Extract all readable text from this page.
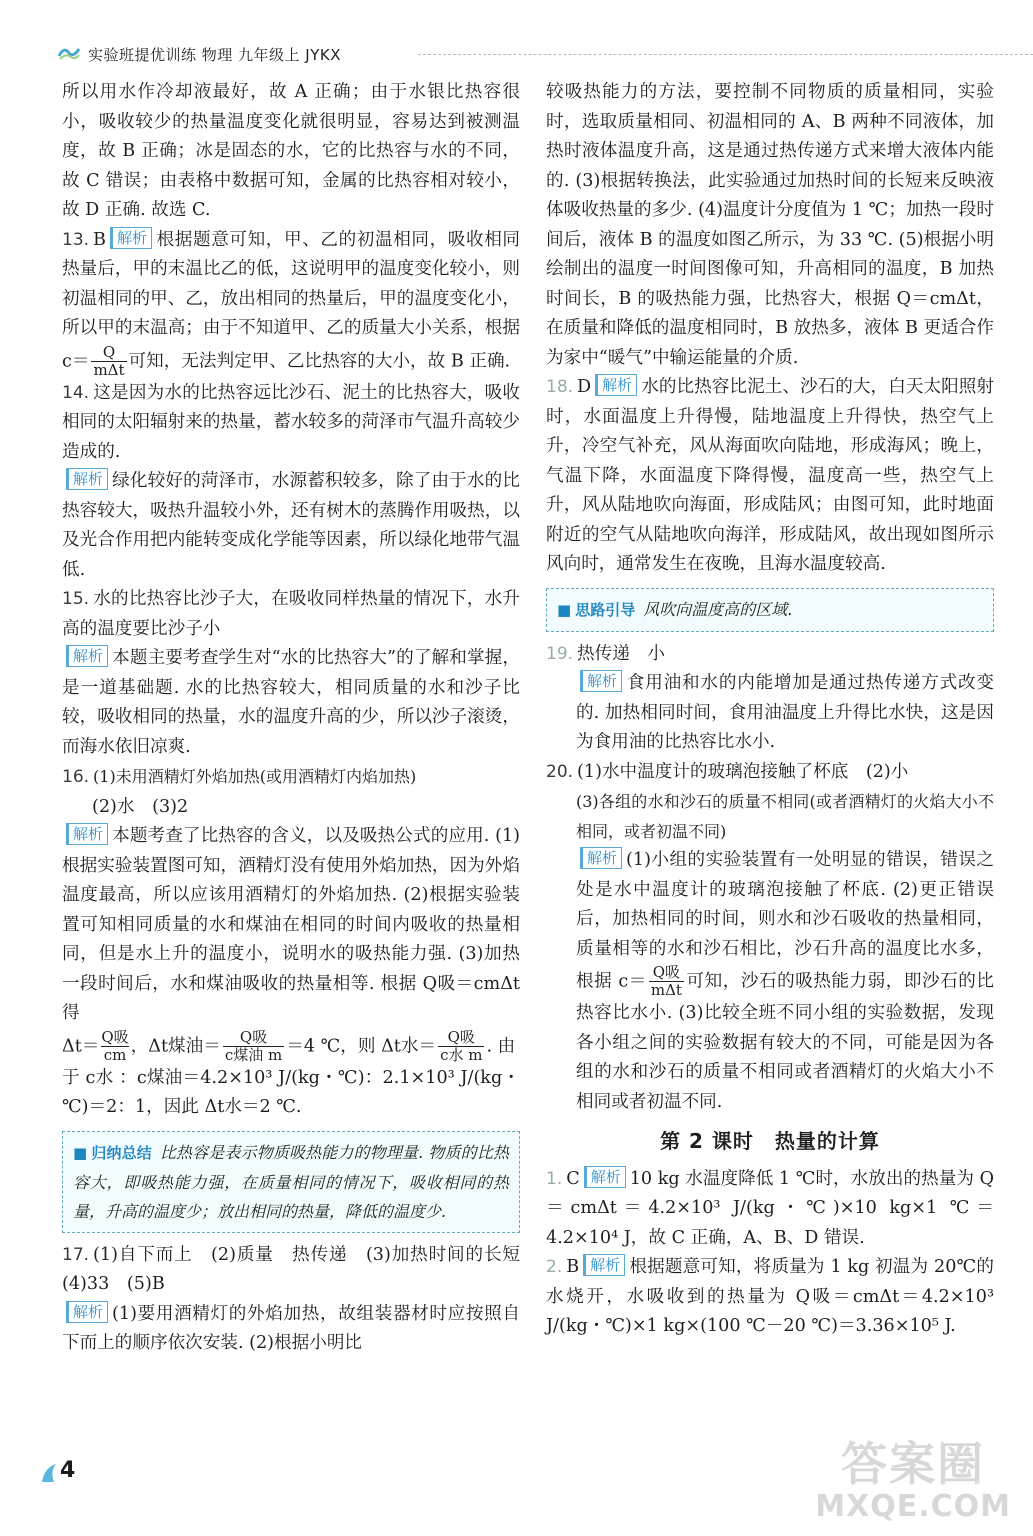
实验班提优训练 物理 九年级上 JYKX

所以用水作冷却液最好，故 A 正确；由于水银比热容很小，吸收较少的热量温度变化就很明显，容易达到被测温度，故 B 正确；冰是固态的水，它的比热容与水的不同，故 C 错误；由表格中数据可知，金属的比热容相对较小，故 D 正确. 故选 C.

13. B 解析 根据题意可知，甲、乙的初温相同，吸收相同热量后，甲的末温比乙的低，这说明甲的温度变化较小，则初温相同的甲、乙，放出相同的热量后，甲的温度变化小，所以甲的末温高；由于不知道甲、乙的质量大小关系，根据 $c= \frac{Q}{\text{mΔt}}$ 可知，无法判定甲、乙比热容的大小，故 B 正确.

14. 这是因为水的比热容远比沙石、泥土的比热容大，吸收相同的太阳辐射来的热量，蓄水较多的菏泽市气温升高较少造成的.

解析 绿化较好的菏泽市，水源蓄积较多，除了由于水的比热容较大，吸热升温较小外，还有树木的蒸腾作用吸热，以及光合作用把内能转变成化学能等因素，所以绿化地带气温低.

15. 水的比热容比沙子大，在吸收同样热量的情况下，水升高的温度要比沙子小

解析 本题主要考查学生对“水的比热容大”的了解和掌握，是一道基础题. 水的比热容较大，相同质量的水和沙子比较，吸收相同的热量，水的温度升高的少，所以沙子滚烫，而海水依旧凉爽.

16. (1)未用酒精灯外焰加热(或用酒精灯内焰加热)
(2)水　(3)2

解析 本题考查了比热容的含义，以及吸热公式的应用. (1)根据实验装置图可知，酒精灯没有使用外焰加热，因为外焰温度最高，所以应该用酒精灯的外焰加热. (2)根据实验装置可知相同质量的水和煤油在相同的时间内吸收的热量相同，但是水上升的温度小，说明水的吸热能力强. (3)加热一段时间后，水和煤油吸收的热量相等. 根据 Q吸＝cmΔt 得
$\Delta t= \frac{\text{Q吸}}{cm}$ ，Δt煤油＝ $\frac{\text{Q吸}}{\text{c煤油 m}} =4$ ℃，则 Δt水＝ $\frac{\text{Q吸}}{\text{c水 m}}$ . 由
于 c水 ：c煤油＝4.2×10³ J/(kg・℃)：2.1×10³ J/(kg・℃)＝2：1，因此 Δt水＝2 ℃.

■ 归纳总结 比热容是表示物质吸热能力的物理量. 物质的比热容大，即吸热能力强，在质量相同的情况下，吸收相同的热量，升高的温度少；放出相同的热量，降低的温度少.

17. (1)自下而上　(2)质量　热传递　(3)加热时间的长短　(4)33　(5)B

解析 (1)要用酒精灯的外焰加热，故组装器材时应按照自下而上的顺序依次安装. (2)根据小明比

较吸热能力的方法，要控制不同物质的质量相同，实验时，选取质量相同、初温相同的 A、B 两种不同液体，加热时液体温度升高，这是通过热传递方式来增大液体内能的. (3)根据转换法，此实验通过加热时间的长短来反映液体吸收热量的多少. (4)温度计分度值为 1 ℃；加热一段时间后，液体 B 的温度如图乙所示，为 33 ℃. (5)根据小明绘制出的温度一时间图像可知，升高相同的温度，B 加热时间长，B 的吸热能力强，比热容大，根据 Q＝cmΔt，在质量和降低的温度相同时，B 放热多，液体 B 更适合作为家中“暖气”中输运能量的介质.

18. D 解析 水的比热容比泥土、沙石的大，白天太阳照射时，水面温度上升得慢，陆地温度上升得快，热空气上升，冷空气补充，风从海面吹向陆地，形成海风；晚上，气温下降，水面温度下降得慢，温度高一些，热空气上升，风从陆地吹向海面，形成陆风；由图可知，此时地面附近的空气从陆地吹向海洋，形成陆风，故出现如图所示风向时，通常发生在夜晚，且海水温度较高.

■ 思路引导 风吹向温度高的区域.

19. 热传递　小

解析 食用油和水的内能增加是通过热传递方式改变的. 加热相同时间，食用油温度上升得比水快，这是因为食用油的比热容比水小.

20. (1)水中温度计的玻璃泡接触了杯底　(2)小

(3)各组的水和沙石的质量不相同(或者酒精灯的火焰大小不相同，或者初温不同)

解析 (1)小组的实验装置有一处明显的错误，错误之处是水中温度计的玻璃泡接触了杯底. (2)更正错误后，加热相同的时间，则水和沙石吸收的热量相同，质量相等的水和沙石相比，沙石升高的温度比水多，根据 $c= \frac{\text{Q吸}}{\text{mΔt}}$ 可知，沙石的吸热能力弱，即沙石的比热容比水小. (3)比较全班不同小组的实验数据，发现各小组之间的实验数据有较大的不同，可能是因为各组的水和沙石的质量不相同或者酒精灯的火焰大小不相同或者初温不同.

第 2 课时　热量的计算

1. C 解析 10 kg 水温度降低 1 ℃时，水放出的热量为 Q＝cmΔt＝4.2×10³ J/(kg・℃)×10 kg×1 ℃＝4.2×10⁴ J，故 C 正确，A、B、D 错误.

2. B 解析 根据题意可知，将质量为 1 kg 初温为 20℃的水烧开，水吸收到的热量为 Q吸＝cmΔt＝4.2×10³ J/(kg・℃)×1 kg×(100 ℃－20 ℃)＝3.36×10⁵ J.

4	答案圈
MXQE.COM
